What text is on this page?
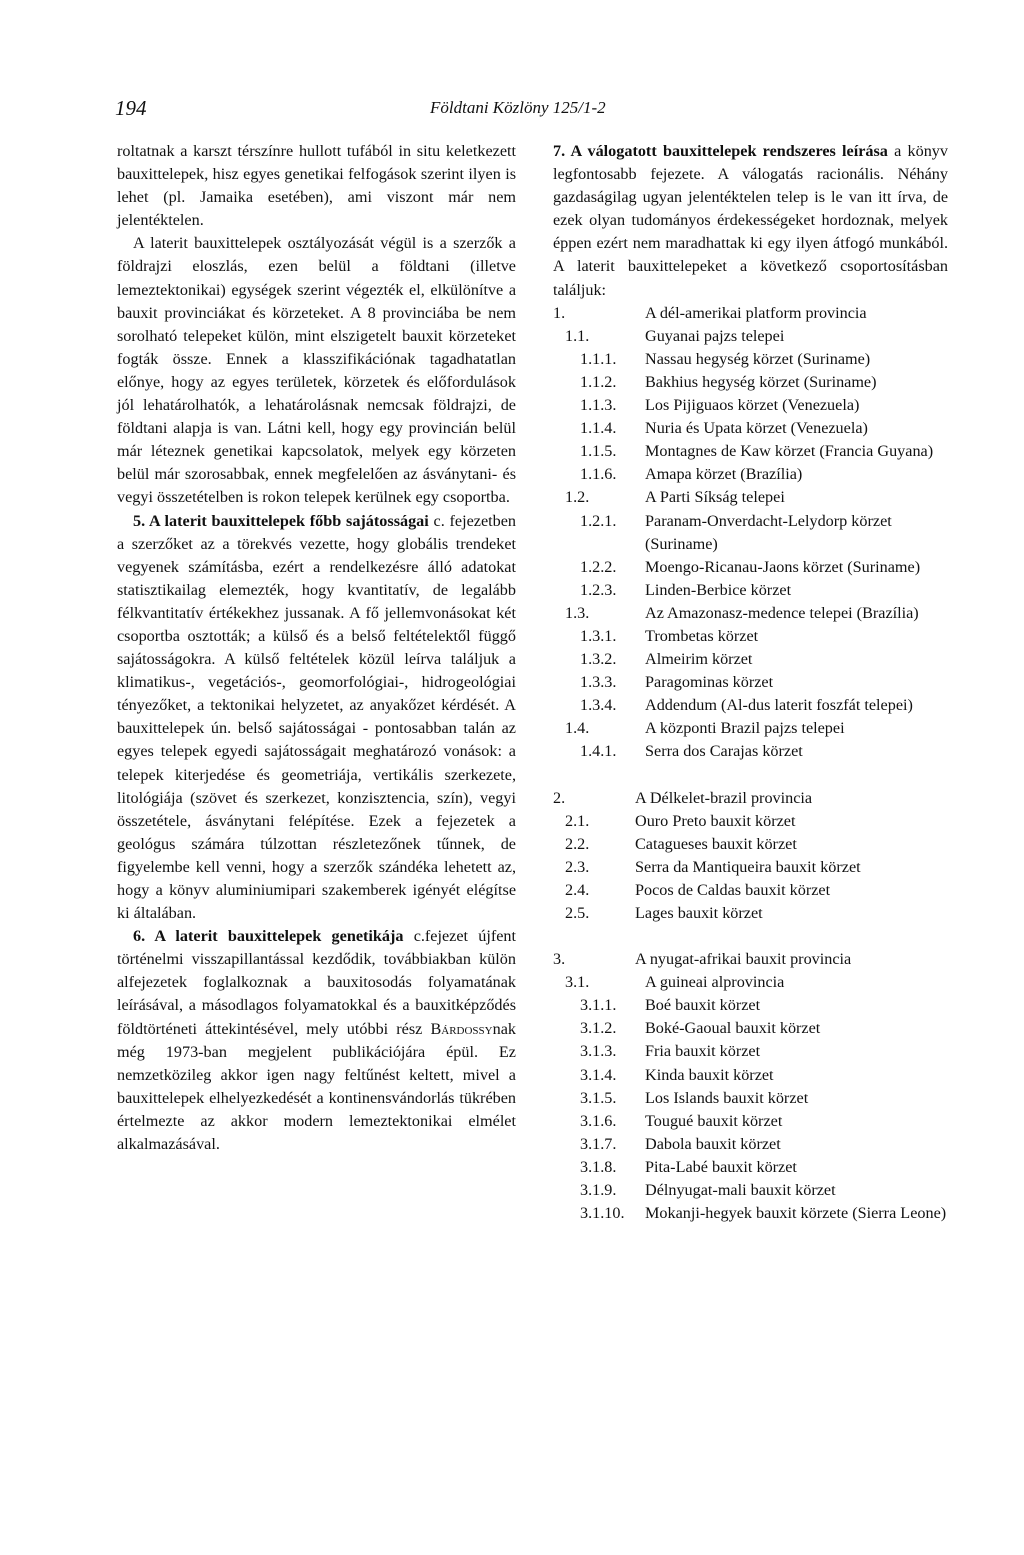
194	Földtani Közlöny 125/1-2

roltatnak a karszt térszínre hullott tufából in situ keletkezett bauxittelepek, hisz egyes genetikai felfogások szerint ilyen is lehet (pl. Jamaika esetében), ami viszont már nem jelentéktelen.

A laterit bauxittelepek osztályozását végül is a szerzők a földrajzi eloszlás, ezen belül a földtani (illetve lemeztektonikai) egységek szerint végezték el, elkülönítve a bauxit provinciákat és körzeteket. A 8 provinciába be nem sorolható telepeket külön, mint elszigetelt bauxit körzeteket fogták össze. Ennek a klasszifikációnak tagadhatatlan előnye, hogy az egyes területek, körzetek és előfordulások jól lehatárolhatók, a lehatárolásnak nemcsak földrajzi, de földtani alapja is van. Látni kell, hogy egy provincián belül már léteznek genetikai kapcsolatok, melyek egy körzeten belül már szorosabbak, ennek megfelelően az ásványtani- és vegyi összetételben is rokon telepek kerülnek egy csoportba.

5. A laterit bauxittelepek főbb sajátosságai c. fejezetben a szerzőket az a törekvés vezette, hogy globális trendeket vegyenek számításba, ezért a rendelkezésre álló adatokat statisztikailag elemezték, hogy kvantitatív, de legalább félkvantitatív értékekhez jussanak. A fő jellemvonásokat két csoportba osztották; a külső és a belső feltételektől függő sajátosságokra. A külső feltételek közül leírva találjuk a klimatikus-, vegetációs-, geomorfológiai-, hidrogeológiai tényezőket, a tektonikai helyzetet, az anyakőzet kérdését. A bauxittelepek ún. belső sajátosságai - pontosabban talán az egyes telepek egyedi sajátosságait meghatározó vonások: a telepek kiterjedése és geometriája, vertikális szerkezete, litológiája (szövet és szerkezet, konzisztencia, szín), vegyi összetétele, ásványtani felépítése. Ezek a fejezetek a geológus számára túlzottan részletezőnek tűnnek, de figyelembe kell venni, hogy a szerzők szándéka lehetett az, hogy a könyv aluminiumipari szakemberek igényét elégítse ki általában.

6. A laterit bauxittelepek genetikája c.fejezet újfent történelmi visszapillantással kezdődik, továbbiakban külön alfejezetek foglalkoznak a bauxitosodás folyamatának leírásával, a másodlagos folyamatokkal és a bauxitképződés földtörténeti áttekintésével, mely utóbbi rész Bárdossynak még 1973-ban megjelent publikációjára épül. Ez nemzetközileg akkor igen nagy feltűnést keltett, mivel a bauxittelepek elhelyezkedését a kontinensvándorlás tükrében értelmezte az akkor modern lemeztektonikai elmélet alkalmazásával.

7. A válogatott bauxittelepek rendszeres leírása a könyv legfontosabb fejezete. A válogatás racionális. Néhány gazdaságilag ugyan jelentéktelen telep is le van itt írva, de ezek olyan tudományos érdekességeket hordoznak, melyek éppen ezért nem maradhattak ki egy ilyen átfogó munkából. A laterit bauxittelepeket a következő csoportosításban találjuk:

1.	A dél-amerikai platform provincia
1.1.	Guyanai pajzs telepei
1.1.1.	Nassau hegység körzet (Suriname)
1.1.2.	Bakhius hegység körzet (Suriname)
1.1.3.	Los Pijiguaos körzet (Venezuela)
1.1.4.	Nuria és Upata körzet (Venezuela)
1.1.5.	Montagnes de Kaw körzet (Francia Guyana)
1.1.6.	Amapa körzet (Brazília)
1.2.	A Parti Síkság telepei
1.2.1.	Paranam-Onverdacht-Lelydorp körzet (Suriname)
1.2.2.	Moengo-Ricanau-Jaons körzet (Suriname)
1.2.3.	Linden-Berbice körzet
1.3.	Az Amazonasz-medence telepei (Brazília)
1.3.1.	Trombetas körzet
1.3.2.	Almeirim körzet
1.3.3.	Paragominas körzet
1.3.4.	Addendum (Al-dus laterit foszfát telepei)
1.4.	A központi Brazil pajzs telepei
1.4.1.	Serra dos Carajas körzet
2.	A Délkelet-brazil provincia
2.1.	Ouro Preto bauxit körzet
2.2.	Catagueses bauxit körzet
2.3.	Serra da Mantiqueira bauxit körzet
2.4.	Pocos de Caldas bauxit körzet
2.5.	Lages bauxit körzet
3.	A nyugat-afrikai bauxit provincia
3.1.	A guineai alprovincia
3.1.1.	Boé bauxit körzet
3.1.2.	Boké-Gaoual bauxit körzet
3.1.3.	Fria bauxit körzet
3.1.4.	Kinda bauxit körzet
3.1.5.	Los Islands bauxit körzet
3.1.6.	Tougué bauxit körzet
3.1.7.	Dabola bauxit körzet
3.1.8.	Pita-Labé bauxit körzet
3.1.9.	Délnyugat-mali bauxit körzet
3.1.10.	Mokanji-hegyek bauxit körzete (Sierra Leone)
